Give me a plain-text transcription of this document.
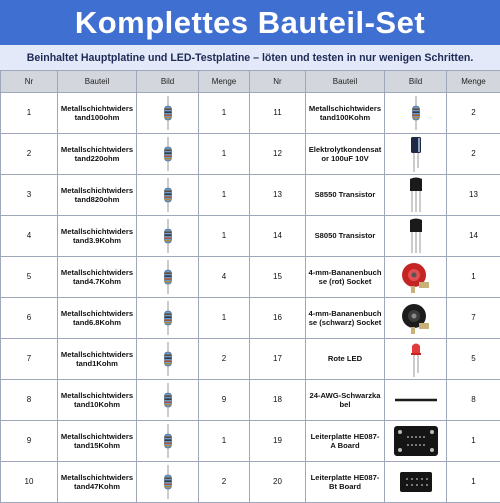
Komplettes Bauteil-Set
Beinhaltet Hauptplatine und LED-Testplatine – löten und testen in nur wenigen Schritten.
Nr	Bauteil	Bild	Menge	Nr	Bauteil	Bild	Menge
1	Metallschichtwiderstand100ohm		1	11	Metallschichtwiderstand100Kohm		2
2	Metallschichtwiderstand220ohm		1	12	Elektrolytkondensator 100uF 10V		2
3	Metallschichtwiderstand820ohm		1	13	S8550 Transistor		13
4	Metallschichtwiderstand3.9Kohm		1	14	S8050 Transistor		14
5	Metallschichtwiderstand4.7Kohm		4	15	4-mm-Bananenbuchse (rot) Socket		1
6	Metallschichtwiderstand6.8Kohm		1	16	4-mm-Bananenbuchse (schwarz) Socket		7
7	Metallschichtwiderstand1Kohm		2	17	Rote LED		5
8	Metallschichtwiderstand10Kohm		9	18	24-AWG-Schwarzkabel		8
9	Metallschichtwiderstand15Kohm		1	19	Leiterplatte HE087-A Board		1
10	Metallschichtwiderstand47Kohm		2	20	Leiterplatte HE087-Bt Board		1
